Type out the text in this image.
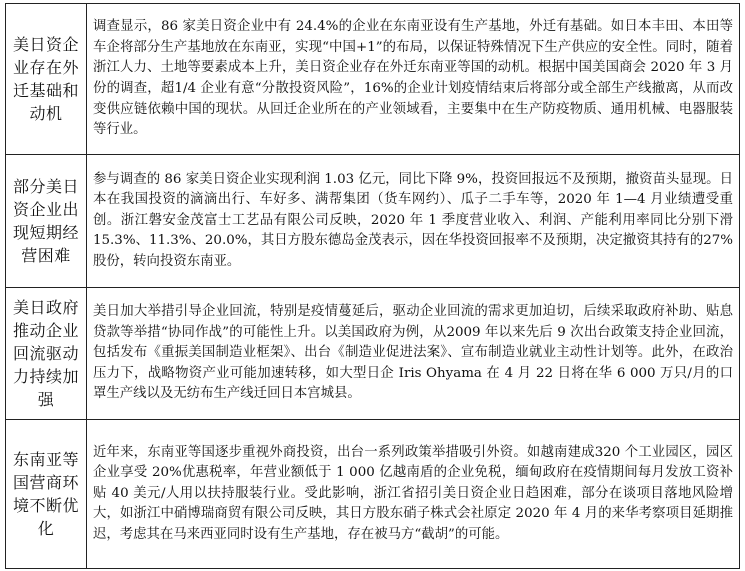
美日资企业存在外迁基础和动机	调查显示，86 家美日资企业中有 24.4%的企业在东南亚设有生产基地，外迁有基础。如日本丰田、本田等车企将部分生产基地放在东南亚，实现“中国+1”的布局，以保证特殊情况下生产供应的安全性。同时，随着浙江人力、土地等要素成本上升，美日资企业存在外迁东南亚等国的动机。根据中国美国商会 2020 年 3 月份的调查，超1/4 企业有意“分散投资风险”，16%的企业计划疫情结束后将部分或全部生产线撤离，从而改变供应链依赖中国的现状。从回迁企业所在的产业领域看，主要集中在生产防疫物质、通用机械、电器服装等行业。
部分美日资企业出现短期经营困难	参与调查的 86 家美日资企业实现利润 1.03 亿元，同比下降 9%，投资回报远不及预期，撤资苗头显现。日本在我国投资的滴滴出行、车好多、满帮集团（货车网约）、瓜子二手车等，2020 年 1—4 月业绩遭受重创。浙江磐安金茂富士工艺品有限公司反映，2020 年 1 季度营业收入、利润、产能利用率同比分别下滑 15.3%、11.3%、20.0%，其日方股东德岛金茂表示，因在华投资回报率不及预期，决定撤资其持有的27%股份，转向投资东南亚。
美日政府推动企业回流驱动力持续加强	美日加大举措引导企业回流，特别是疫情蔓延后，驱动企业回流的需求更加迫切，后续采取政府补助、贴息贷款等举措“协同作战”的可能性上升。以美国政府为例，从2009 年以来先后 9 次出台政策支持企业回流，包括发布《重振美国制造业框架》、出台《制造业促进法案》、宣布制造业就业主动性计划等。此外，在政治压力下，战略物资产业可能加速转移，如大型日企 Iris Ohyama 在 4 月 22 日将在华 6 000 万只/月的口罩生产线以及无纺布生产线迁回日本宫城县。
东南亚等国营商环境不断优化	近年来，东南亚等国逐步重视外商投资，出台一系列政策举措吸引外资。如越南建成320 个工业园区，园区企业享受 20%优惠税率，年营业额低于 1 000 亿越南盾的企业免税，缅甸政府在疫情期间每月发放工资补贴 40 美元/人用以扶持服装行业。受此影响，浙江省招引美日资企业日趋困难，部分在谈项目落地风险增大，如浙江中硝博瑞商贸有限公司反映，其日方股东硝子株式会社原定 2020 年 4 月的来华考察项目延期推迟，考虑其在马来西亚同时设有生产基地，存在被马方“截胡”的可能。
